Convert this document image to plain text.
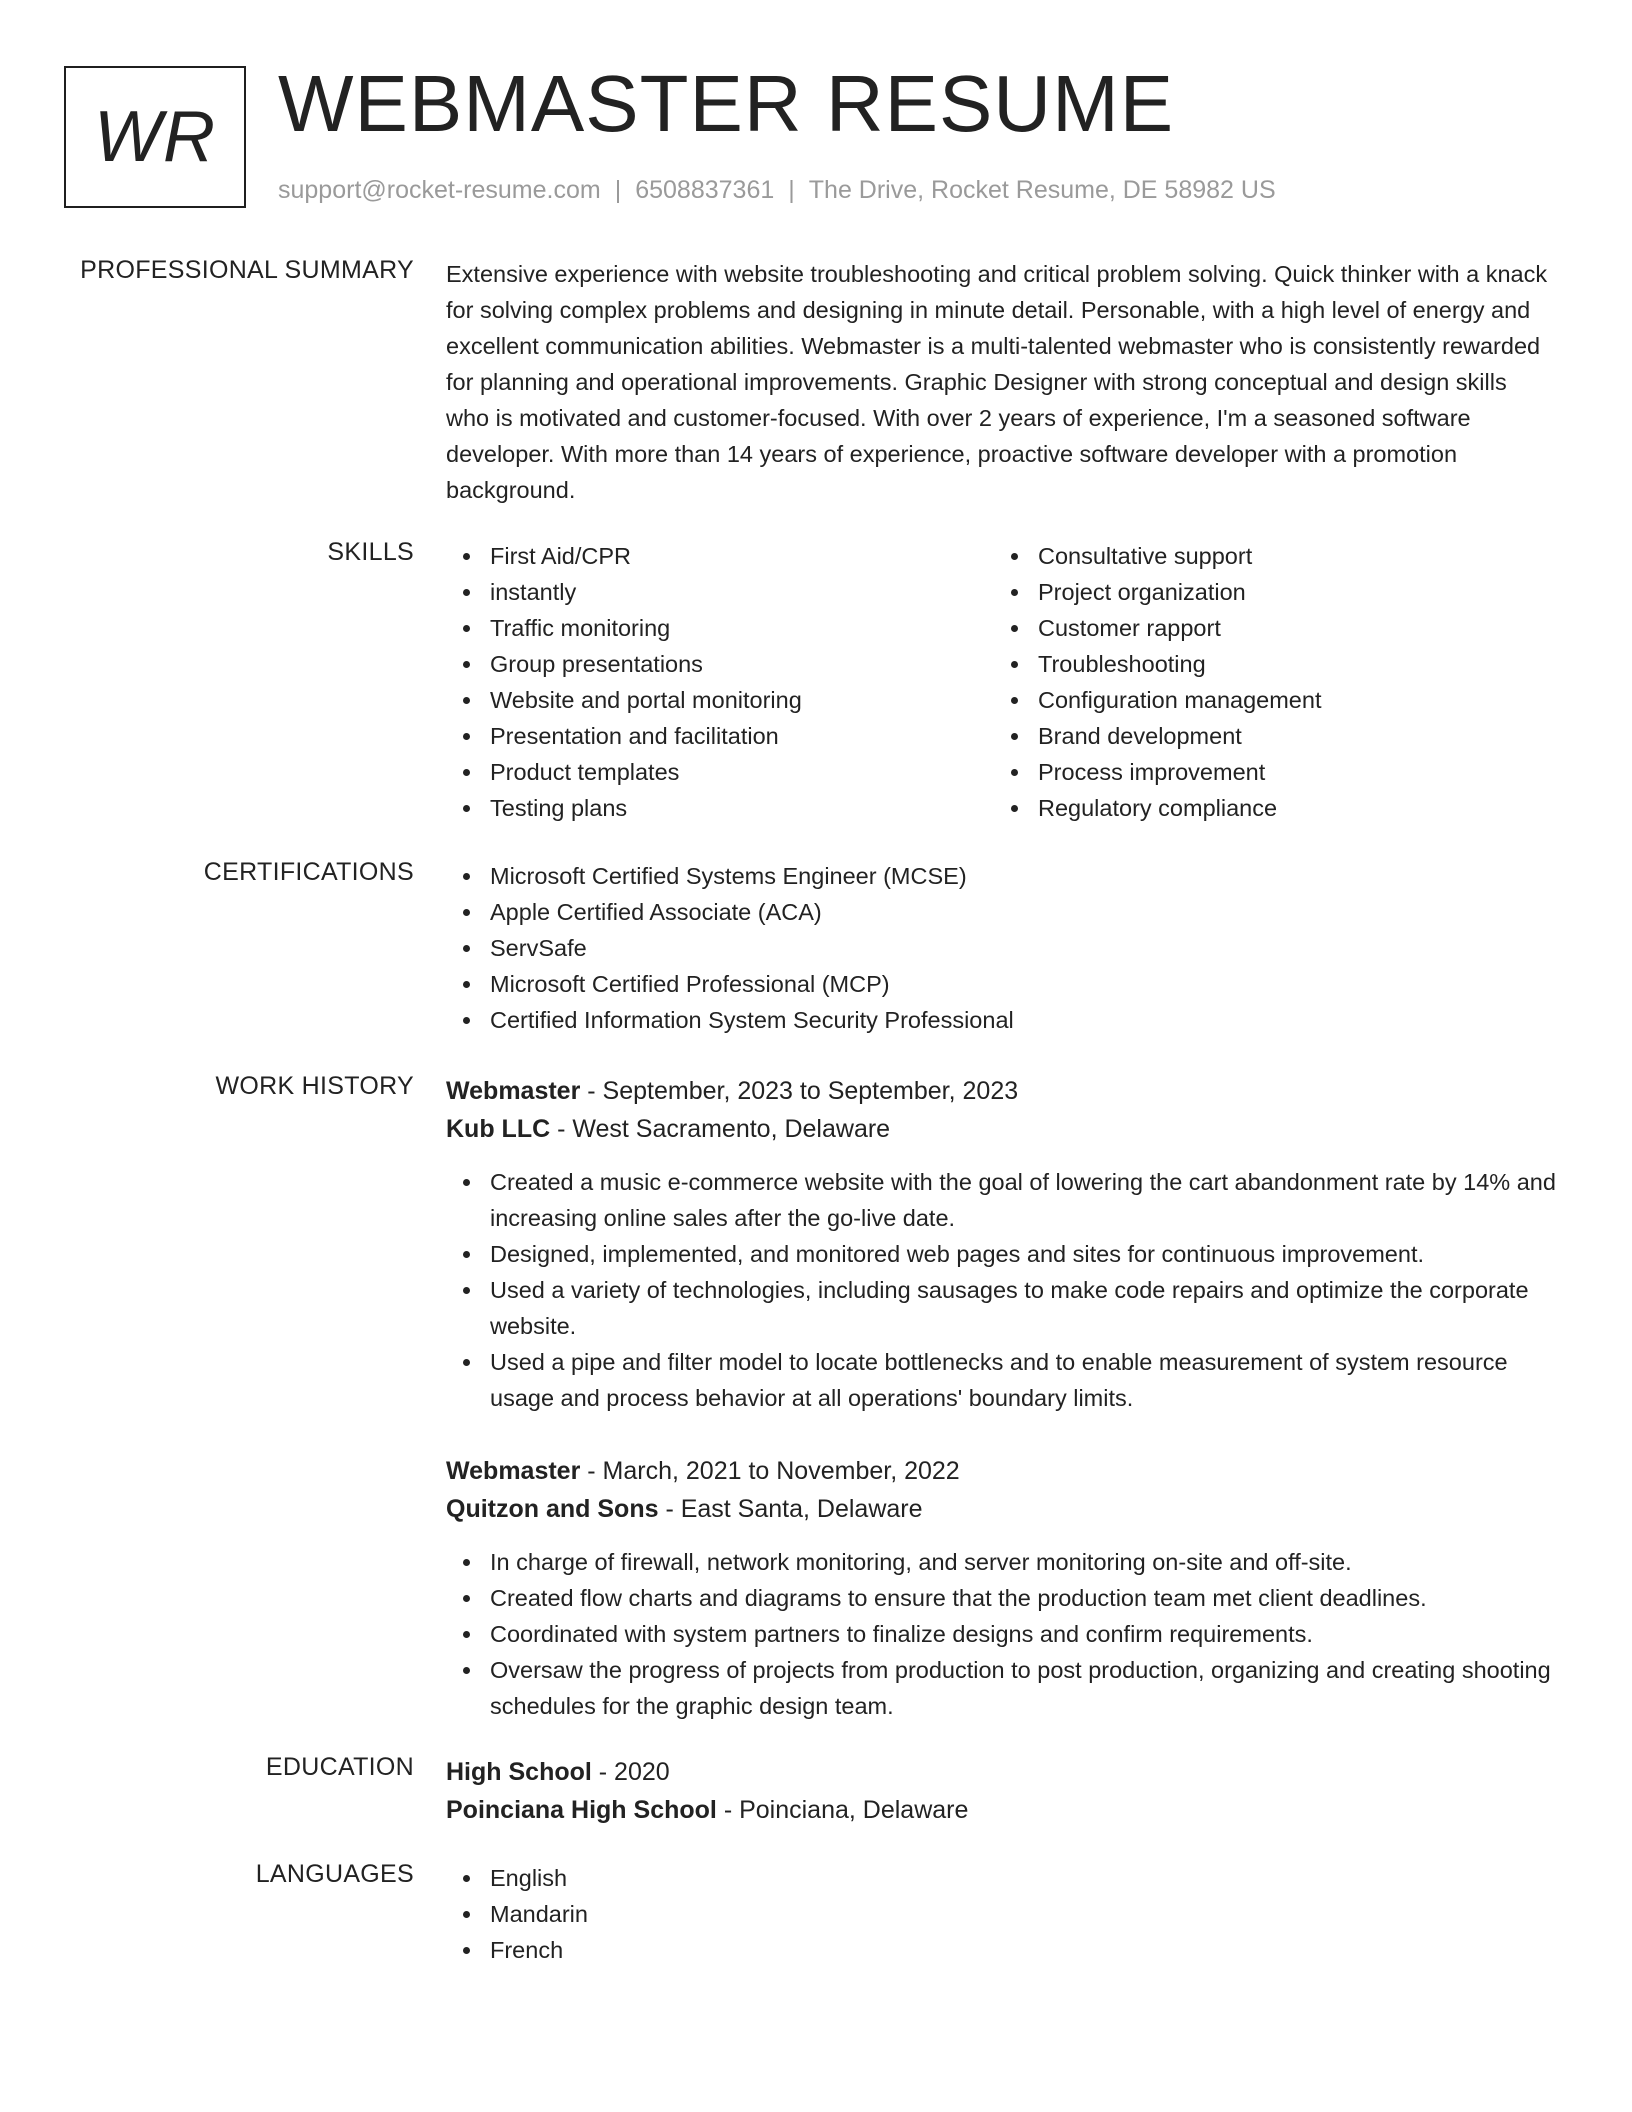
WR WEBMASTER RESUME
support@rocket-resume.com | 6508837361 | The Drive, Rocket Resume, DE 58982 US
PROFESSIONAL SUMMARY Extensive experience with website troubleshooting and critical problem solving. Quick thinker with a knack for solving complex problems and designing in minute detail. Personable, with a high level of energy and excellent communication abilities. Webmaster is a multi-talented webmaster who is consistently rewarded for planning and operational improvements. Graphic Designer with strong conceptual and design skills who is motivated and customer-focused. With over 2 years of experience, I'm a seasoned software developer. With more than 14 years of experience, proactive software developer with a promotion background.

SKILLS	First Aid/CPR
instantly
Traffic monitoring
Group presentations
Website and portal monitoring
Presentation and facilitation
Product templates
Testing plans
Consultative support
Project organization
Customer rapport
Troubleshooting
Configuration management
Brand development
Process improvement
Regulatory compliance
CERTIFICATIONS	Microsoft Certified Systems Engineer (MCSE)
Apple Certified Associate (ACA)
ServSafe
Microsoft Certified Professional (MCP)
Certified Information System Security Professional
WORK HISTORY Webmaster - September, 2023 to September, 2023
Kub LLC - West Sacramento, Delaware
Created a music e-commerce website with the goal of lowering the cart abandonment rate by 14% and increasing online sales after the go-live date.
Designed, implemented, and monitored web pages and sites for continuous improvement.
Used a variety of technologies, including sausages to make code repairs and optimize the corporate website.
Used a pipe and filter model to locate bottlenecks and to enable measurement of system resource usage and process behavior at all operations' boundary limits.
Webmaster - March, 2021 to November, 2022
Quitzon and Sons - East Santa, Delaware
In charge of firewall, network monitoring, and server monitoring on-site and off-site.
Created flow charts and diagrams to ensure that the production team met client deadlines.
Coordinated with system partners to finalize designs and confirm requirements.
Oversaw the progress of projects from production to post production, organizing and creating shooting schedules for the graphic design team.
EDUCATION High School - 2020
Poinciana High School - Poinciana, Delaware
LANGUAGES	English
Mandarin
French
